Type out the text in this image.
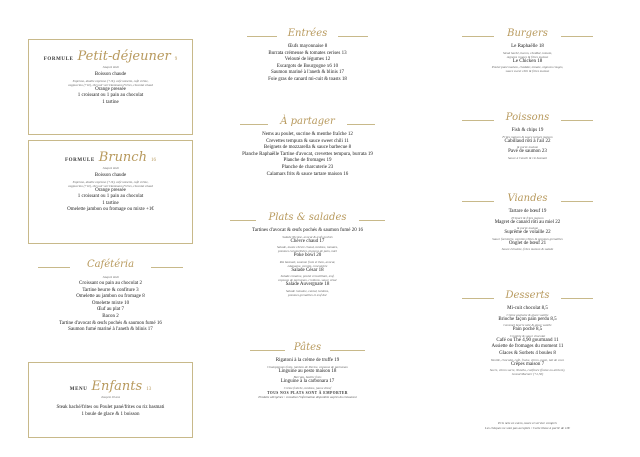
FORMULE Petit-déjeuner 9
Jusqu'à midi
Boisson chaude
Expresso, double expresso (+1€), café noisette, café crème,
cappuccino (+1€), thé noir vert Dammann Frères, chocolat chaud
Orange pressée
1 croissant ou 1 pain au chocolat
1 tartine
FORMULE Brunch 16
Jusqu'à midi
Boisson chaude
Expresso, double expresso (+1€), café noisette, café crème,
cappuccino (+1€), thé noir vert Dammann Frères, chocolat chaud
Orange pressée
1 croissant ou 1 pain au chocolat
1 tartine
Omelette jambon ou fromage ou mixte +1€
Cafétéria
Jusqu'à midi
Croissant ou pain au chocolat 2
Tartine beurre & confiture 3
Omelette au jambon ou fromage 8
Omelette mixte 10
Œuf au plat 7
Bacon 2
Tartine d'avocat & œufs pochés & saumon fumé 16
Saumon fumé mariné à l'aneth & blinis 17
MENU Enfants 13
Jusqu'à 10 ans
Steak haché/frites ou Poulet pané/frites ou riz basmati
1 boule de glace & 1 boisson
Entrées
Œufs mayonnaise 8
Burrata crémeuse & tomates cerises 13
Velouté de légumes 12
Escargots de Bourgogne x6 10
Saumon mariné à l'aneth & blinis 17
Foie gras de canard mi-cuit & toasts 18
À partager
Nems au poulet, sucrine & menthe fraîche 12
Crevettes tempura & sauce sweet chili 11
Beignets de mozzarella & sauce barbecue 8
Planche Raphaëlle Tartine d'avocat, crevettes tempura, burrata 19
Planche de fromages 19
Planche de charcuterie 23
Calamars frits & sauce tartare maison 16
Plats & salades
Tartines d'avocat & œufs pochés & saumon fumé 20 16
Salade Niçoise, avocat & œufs pochés
Chèvre chaud 17
Salade, toasts chèvre chaud, lardons, tomates,
pommes caramélisées, pignons de pain, miel
Poke bowl 20
Riz basmati, saumon frais et thon, avocat,
edamame, carotte, concombre
Salade César 18
Salade romaine, poulet croustillant, œuf,
copeaux de parmesan, croûtons, sauce césar
Salade Auvergnate 18
Salade romaine, cantal, lardons,
pommes grenailles et œuf dur
Pâtes
Rigatoni à la crème de truffe 19
Champignons frais, jambon de Parme, copeaux de parmesan
Linguine au pesto maison 18
Burrata, basilic frais
Linguine à la carbonara 17
Crème fraîche, lardons, jaune d'œuf
TOUS NOS PLATS SONT À EMPORTER
Produits allergènes : consultez l'information disponible auprès du restaurant
Burgers
Le Raphaëlle 18
Steak haché, bacon, cheddar, tomate,
oignons rouges & frites maison
Le Chicken 18
Poulet pané maison, cheddar, tomate, oignons rouges,
sauce sweet chili & frites maison
Poissons
Fish & chips 19
Frites maison & sauce tartare maison
Cabillaud rôti à l'ail 22
& purée maison
Pavé de saumon 23
Sauce à l'aneth & riz basmati
Viandes
Tartare de bœuf 19
Préparé & frites maison
Magret de canard rôti au miel 22
& purée maison
Suprême de volaille 22
Sauce forestière, carottes rôties & pommes grenailles
Onglet de bœuf 21
Sauce échalote, frites maison & salade
Desserts
Mi-cuit chocolat 8,5
Crème anglaise & glace vanille
Brioche façon pain perdu 8,5
Caramel beurre salé & glace vanille
Pain poché 8,5
Crumble & sauce chocolat
Café ou Thé 4,90 gourmand 11
Assiette de fromages du moment 11
Glaces & Sorbets 4 boules 8
Vanille, chocolat, café, fraise, citron, passi, lait de coco
Crêpes maison 7
Sucre, citron sucre, Nutella, confiture (fraise ou abricot),
Grand Marnier (+2,50)
Prix nets en euros, taxes et service compris
Les chèques ne sont pas acceptés / Carte bleue à partir de 10€
